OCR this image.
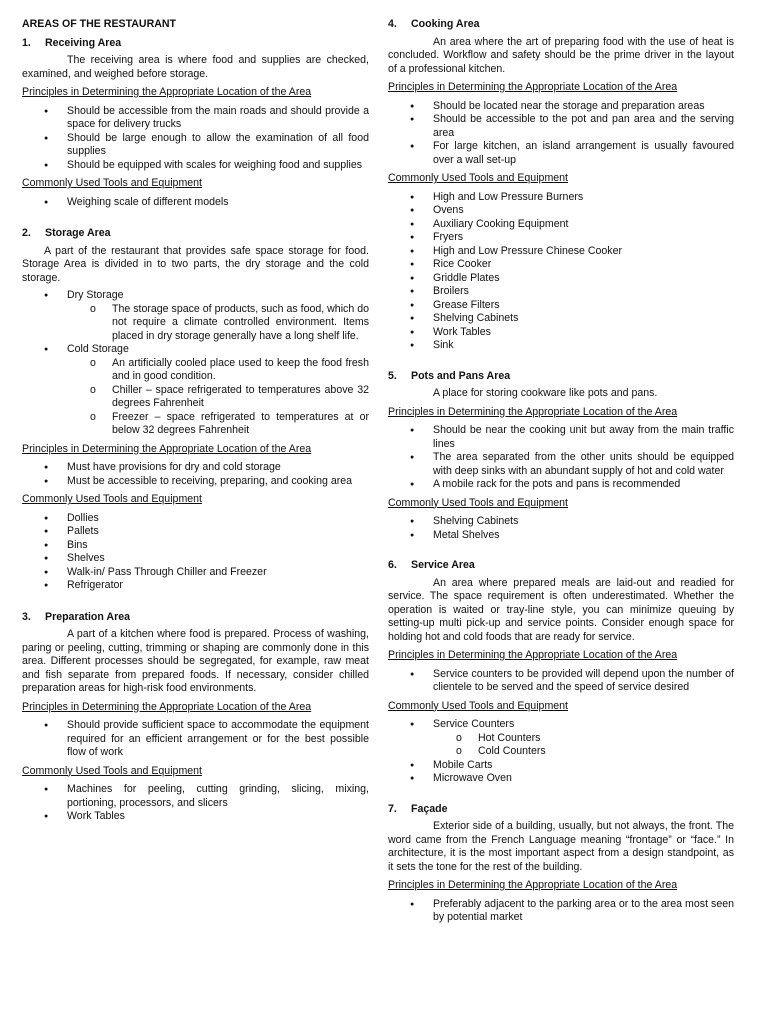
AREAS OF THE RESTAURANT
1.	Receiving Area
The receiving area is where food and supplies are checked, examined, and weighed before storage.
Principles in Determining the Appropriate Location of the Area
● Should be accessible from the main roads and should provide a space for delivery trucks
● Should be large enough to allow the examination of all food supplies
● Should be equipped with scales for weighing food and supplies
Commonly Used Tools and Equipment
● Weighing scale of different models
2.	Storage Area
A part of the restaurant that provides safe space storage for food. Storage Area is divided in to two parts, the dry storage and the cold storage.
● Dry Storage
o The storage space of products, such as food, which do not require a climate controlled environment. Items placed in dry storage generally have a long shelf life.
● Cold Storage
o An artificially cooled place used to keep the food fresh and in good condition.
o Chiller – space refrigerated to temperatures above 32 degrees Fahrenheit
o Freezer – space refrigerated to temperatures at or below 32 degrees Fahrenheit
Principles in Determining the Appropriate Location of the Area
● Must have provisions for dry and cold storage
● Must be accessible to receiving, preparing, and cooking area
Commonly Used Tools and Equipment
● Dollies
● Pallets
● Bins
● Shelves
● Walk-in/ Pass Through Chiller and Freezer
● Refrigerator
3.	Preparation Area
A part of a kitchen where food is prepared. Process of washing, paring or peeling, cutting, trimming or shaping are commonly done in this area. Different processes should be segregated, for example, raw meat and fish separate from prepared foods. If necessary, consider chilled preparation areas for high-risk food environments.
Principles in Determining the Appropriate Location of the Area
● Should provide sufficient space to accommodate the equipment required for an efficient arrangement or for the best possible flow of work
Commonly Used Tools and Equipment
● Machines for peeling, cutting grinding, slicing, mixing, portioning, processors, and slicers
● Work Tables
4.	Cooking Area
An area where the art of preparing food with the use of heat is concluded. Workflow and safety should be the prime driver in the layout of a professional kitchen.
Principles in Determining the Appropriate Location of the Area
● Should be located near the storage and preparation areas
● Should be accessible to the pot and pan area and the serving area
● For large kitchen, an island arrangement is usually favoured over a wall set-up
Commonly Used Tools and Equipment
● High and Low Pressure Burners
● Ovens
● Auxiliary Cooking Equipment
● Fryers
● High and Low Pressure Chinese Cooker
● Rice Cooker
● Griddle Plates
● Broilers
● Grease Filters
● Shelving Cabinets
● Work Tables
● Sink
5.	Pots and Pans Area
A place for storing cookware like pots and pans.
Principles in Determining the Appropriate Location of the Area
● Should be near the cooking unit but away from the main traffic lines
● The area separated from the other units should be equipped with deep sinks with an abundant supply of hot and cold water
● A mobile rack for the pots and pans is recommended
Commonly Used Tools and Equipment
● Shelving Cabinets
● Metal Shelves
6.	Service Area
An area where prepared meals are laid-out and readied for service. The space requirement is often underestimated. Whether the operation is waited or tray-line style, you can minimize queuing by setting-up multi pick-up and service points. Consider enough space for holding hot and cold foods that are ready for service.
Principles in Determining the Appropriate Location of the Area
● Service counters to be provided will depend upon the number of clientele to be served and the speed of service desired
Commonly Used Tools and Equipment
● Service Counters
o Hot Counters
o Cold Counters
● Mobile Carts
● Microwave Oven
7.	Façade
Exterior side of a building, usually, but not always, the front. The word came from the French Language meaning “frontage” or “face.” In architecture, it is the most important aspect from a design standpoint, as it sets the tone for the rest of the building.
Principles in Determining the Appropriate Location of the Area
● Preferably adjacent to the parking area or to the area most seen by potential market
